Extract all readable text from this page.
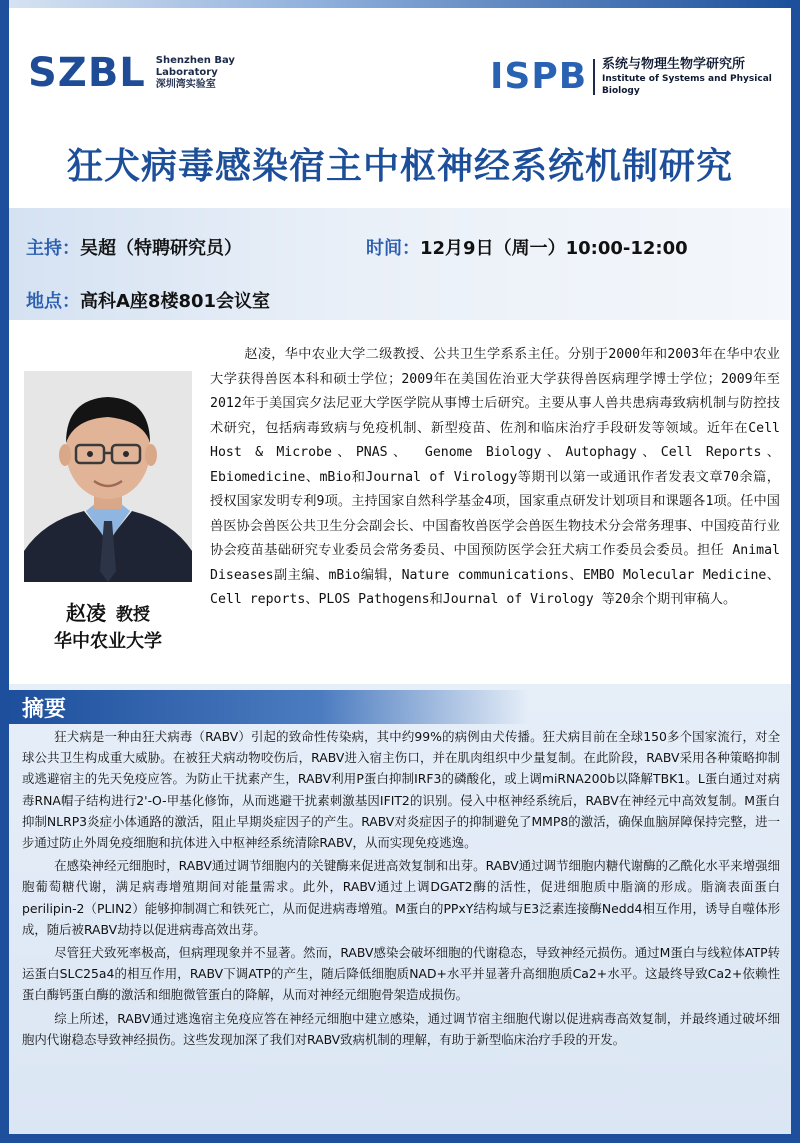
SZBL Shenzhen Bay
Laboratory
深圳湾实验室	ISPB 系统与物理生物学研究所
Institute of Systems and Physical Biology
狂犬病毒感染宿主中枢神经系统机制研究
主持：吴超（特聘研究员）	时间：12月9日（周一）10:00-12:00
地点：高科A座8楼801会议室
赵凌 教授
华中农业大学
赵凌，华中农业大学二级教授、公共卫生学系系主任。分别于2000年和2003年在华中农业大学获得兽医本科和硕士学位；2009年在美国佐治亚大学获得兽医病理学博士学位；2009年至2012年于美国宾夕法尼亚大学医学院从事博士后研究。主要从事人兽共患病毒致病机制与防控技术研究，包括病毒致病与免疫机制、新型疫苗、佐剂和临床治疗手段研发等领域。近年在Cell Host & Microbe、PNAS、 Genome Biology、Autophagy、Cell Reports、Ebiomedicine、mBio和Journal of Virology等期刊以第一或通讯作者发表文章70余篇，授权国家发明专利9项。主持国家自然科学基金4项，国家重点研发计划项目和课题各1项。任中国兽医协会兽医公共卫生分会副会长、中国畜牧兽医学会兽医生物技术分会常务理事、中国疫苗行业协会疫苗基础研究专业委员会常务委员、中国预防医学会狂犬病工作委员会委员。担任 Animal Diseases副主编、mBio编辑，Nature communications、EMBO Molecular Medicine、Cell reports、PLOS Pathogens和Journal of Virology 等20余个期刊审稿人。
摘要

狂犬病是一种由狂犬病毒（RABV）引起的致命性传染病，其中约99%的病例由犬传播。狂犬病目前在全球150多个国家流行，对全球公共卫生构成重大威胁。在被狂犬病动物咬伤后，RABV进入宿主伤口，并在肌肉组织中少量复制。在此阶段，RABV采用各种策略抑制或逃避宿主的先天免疫应答。为防止干扰素产生，RABV利用P蛋白抑制IRF3的磷酸化，或上调miRNA200b以降解TBK1。L蛋白通过对病毒RNA帽子结构进行2'-O-甲基化修饰，从而逃避干扰素刺激基因IFIT2的识别。侵入中枢神经系统后，RABV在神经元中高效复制。M蛋白抑制NLRP3炎症小体通路的激活，阻止早期炎症因子的产生。RABV对炎症因子的抑制避免了MMP8的激活，确保血脑屏障保持完整，进一步通过防止外周免疫细胞和抗体进入中枢神经系统清除RABV，从而实现免疫逃逸。

在感染神经元细胞时，RABV通过调节细胞内的关键酶来促进高效复制和出芽。RABV通过调节细胞内糖代谢酶的乙酰化水平来增强细胞葡萄糖代谢，满足病毒增殖期间对能量需求。此外，RABV通过上调DGAT2酶的活性，促进细胞质中脂滴的形成。脂滴表面蛋白perilipin-2（PLIN2）能够抑制凋亡和铁死亡，从而促进病毒增殖。M蛋白的PPxY结构域与E3泛素连接酶Nedd4相互作用，诱导自噬体形成，随后被RABV劫持以促进病毒高效出芽。

尽管狂犬致死率极高，但病理现象并不显著。然而，RABV感染会破坏细胞的代谢稳态，导致神经元损伤。通过M蛋白与线粒体ATP转运蛋白SLC25a4的相互作用，RABV下调ATP的产生，随后降低细胞质NAD+水平并显著升高细胞质Ca2+水平。这最终导致Ca2+依赖性蛋白酶钙蛋白酶的激活和细胞微管蛋白的降解，从而对神经元细胞骨架造成损伤。

综上所述，RABV通过逃逸宿主免疫应答在神经元细胞中建立感染，通过调节宿主细胞代谢以促进病毒高效复制，并最终通过破坏细胞内代谢稳态导致神经损伤。这些发现加深了我们对RABV致病机制的理解，有助于新型临床治疗手段的开发。
